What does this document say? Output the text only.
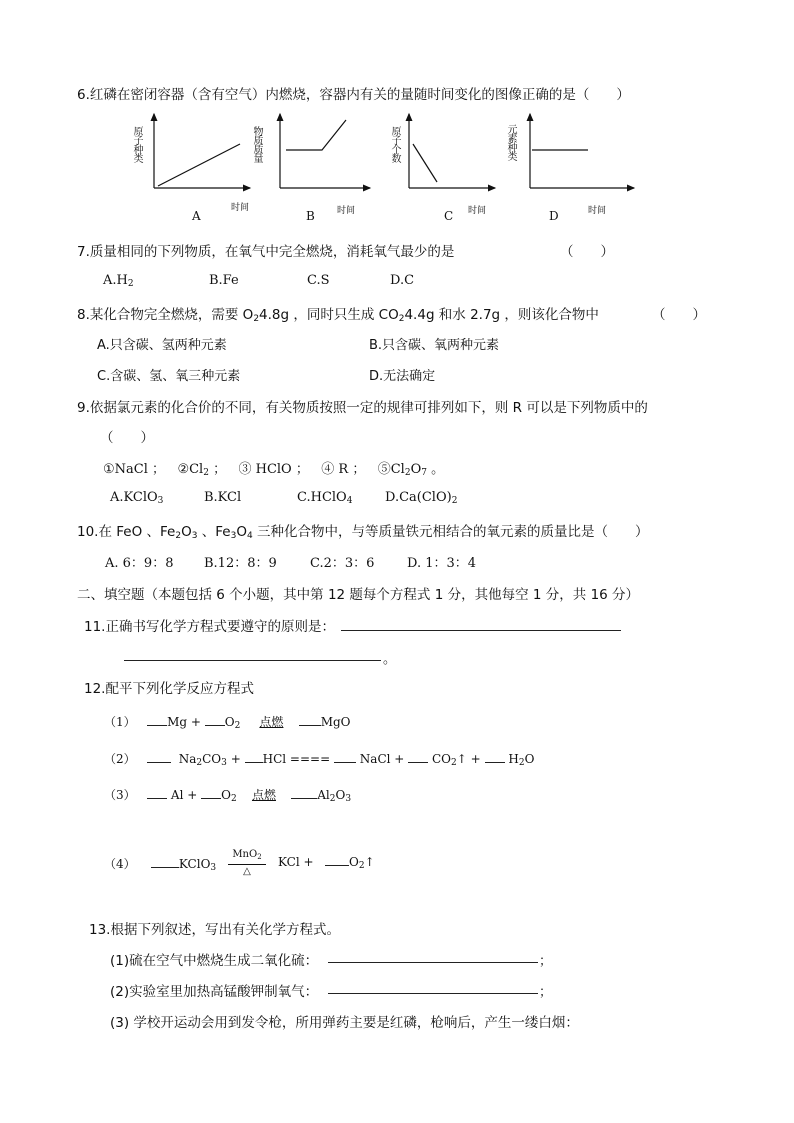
6.红磷在密闭容器（含有空气）内燃烧，容器内有关的量随时间变化的图像正确的是（　　）
原子种类
时间
A
物质质量
时间
B
原子个数
时间
C
元素种类
时间
D
7.质量相同的下列物质，在氧气中完全燃烧，消耗氧气最少的是	（　　）
$A.H_2$	B.Fe	C.S	D.C
8.某化合物完全燃烧，需要 $O_24.8g$ ，同时只生成 $CO_24.4g$ 和水 2.7g ，则该化合物中	（　　）
A.只含碳、氢两种元素	B.只含碳、氧两种元素
C.含碳、氢、氧三种元素	D.无法确定
9.依据氯元素的化合价的不同，有关物质按照一定的规律可排列如下，则 R 可以是下列物质中的
（　　）
①NaCl ； $②Cl_2$ ； ③ HClO ； ④ R ； $⑤Cl_2O_7$ 。
A.KClO$_3$	B.KCl	C.HClO$_4$	$D.Ca(ClO)_2$
10.在 FeO 、$Fe_2O_3$ 、$Fe_3O_4$ 三种化合物中，与等质量铁元相结合的氧元素的质量比是（　　）
A. 6：9：8 B.12：8：9	C.2：3：6	D. 1：3：4
二、填空题（本题包括 6 个小题，其中第 12 题每个方程式 1 分，其他每空 1 分，共 16 分）
11.正确书写化学方程式要遵守的原则是：
。
12.配平下列化学反应方程式
（1）	$Mg + O_2$ 点燃	MgO
（2）	$Na_2CO_3$ + HCl ==== NaCl + $CO_2↑ + H_2O$
（3）	$Al + O_2$ 点燃	$Al_2O_3$
（4）	KClO$_3$
MnO$_2$
△
KCl +	$O_2↑$
13.根据下列叙述，写出有关化学方程式。
(1)硫在空气中燃烧生成二氧化硫：	；
(2)实验室里加热高锰酸钾制氧气：	；
(3) 学校开运动会用到发令枪，所用弹药主要是红磷，枪响后，产生一缕白烟：
